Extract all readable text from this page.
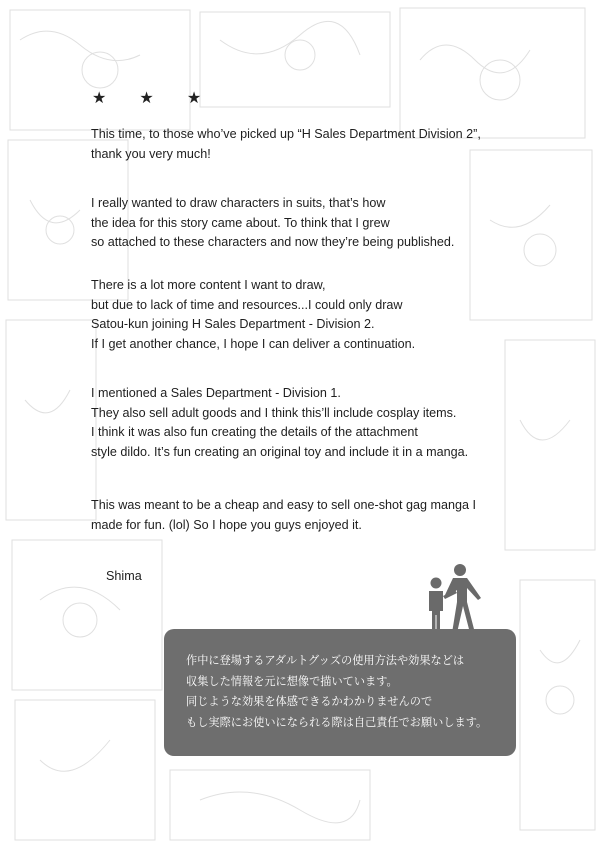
★ ★ ★

This time, to those who’ve picked up “H Sales Department Division 2”,
thank you very much!

I really wanted to draw characters in suits, that’s how
the idea for this story came about. To think that I grew
so attached to these characters and now they’re being published.

There is a lot more content I want to draw,
but due to lack of time and resources...I could only draw
Satou-kun joining H Sales Department - Division 2.
If I get another chance, I hope I can deliver a continuation.

I mentioned a Sales Department - Division 1.
They also sell adult goods and I think this’ll include cosplay items.
I think it was also fun creating the details of the attachment
style dildo. It’s fun creating an original toy and include it in a manga.

This was meant to be a cheap and easy to sell one-shot gag manga I
made for fun. (lol) So I hope you guys enjoyed it.

Shima

作中に登場するアダルトグッズの使用方法や効果などは
収集した情報を元に想像で描いています。
同じような効果を体感できるかわかりませんので
もし実際にお使いになられる際は自己責任でお願いします。
